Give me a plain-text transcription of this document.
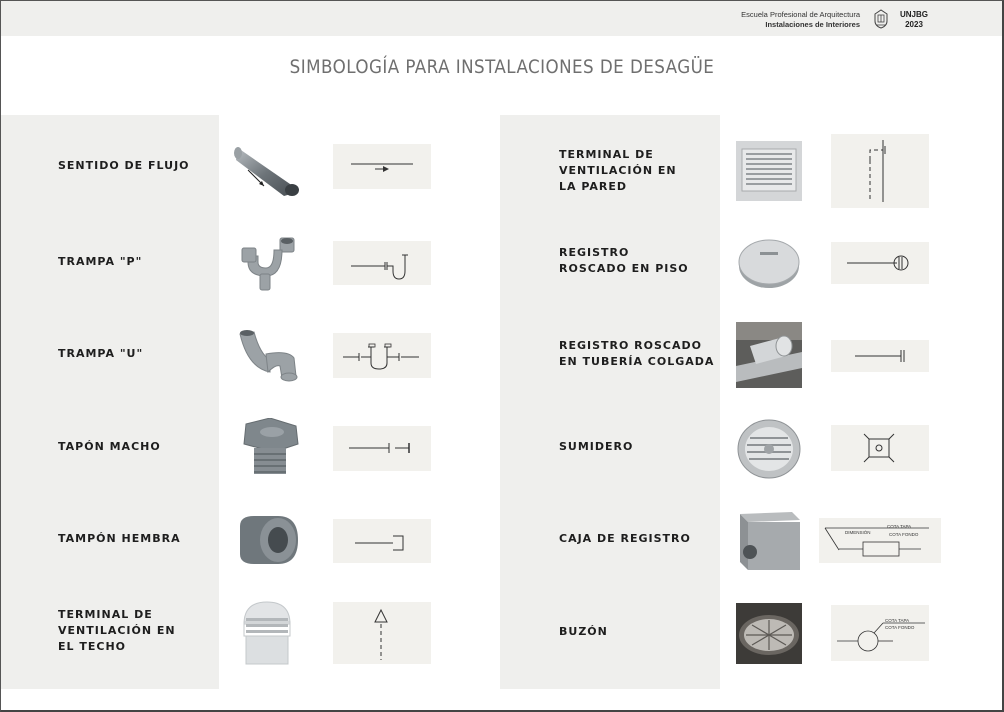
Escuela Profesional de Arquitectura
Instalaciones de Interiores
UNJBG
2023
SIMBOLOGÍA PARA INSTALACIONES DE DESAGÜE
SENTIDO DE FLUJO
TRAMPA "P"
TRAMPA "U"
TAPÓN MACHO
TAMPÓN HEMBRA
TERMINAL DE
VENTILACIÓN EN
EL TECHO
TERMINAL DE
VENTILACIÓN EN
LA PARED
REGISTRO
ROSCADO EN PISO
REGISTRO ROSCADO
EN TUBERÍA COLGADA
SUMIDERO
CAJA DE REGISTRO
BUZÓN
DIMENSIÓN
COTA TAPA
COTA FONDO
COTA TAPA
COTA FONDO
